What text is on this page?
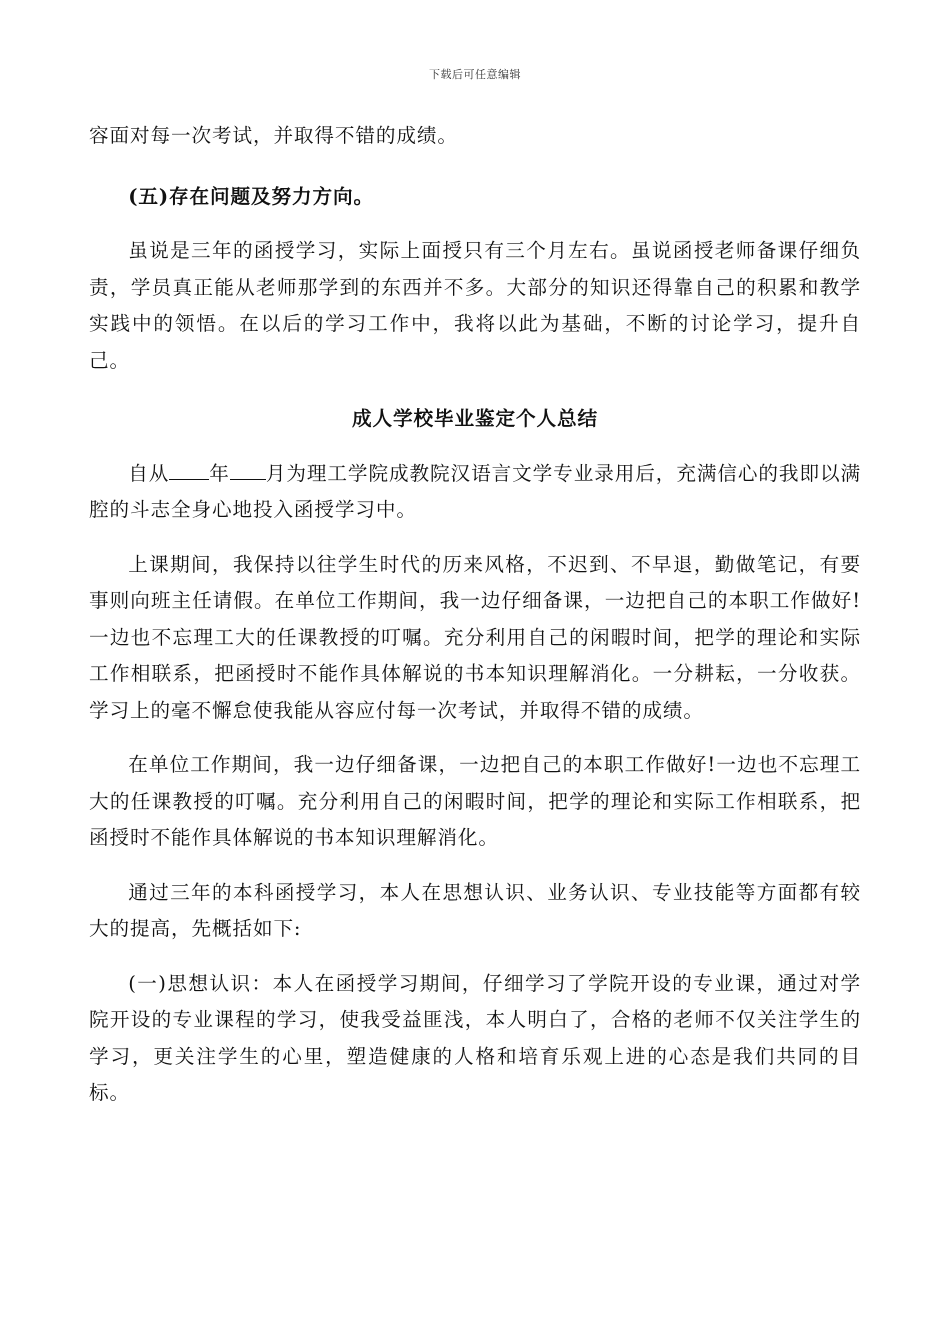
下载后可任意编辑

容面对每一次考试，并取得不错的成绩。

(五)存在问题及努力方向。

虽说是三年的函授学习，实际上面授只有三个月左右。虽说函授老师备课仔细负责，学员真正能从老师那学到的东西并不多。大部分的知识还得靠自己的积累和教学实践中的领悟。在以后的学习工作中，我将以此为基础，不断的讨论学习，提升自己。

成人学校毕业鉴定个人总结

自从 年 月为理工学院成教院汉语言文学专业录用后，充满信心的我即以满腔的斗志全身心地投入函授学习中。

上课期间，我保持以往学生时代的历来风格，不迟到、不早退，勤做笔记，有要事则向班主任请假。在单位工作期间，我一边仔细备课，一边把自己的本职工作做好!一边也不忘理工大的任课教授的叮嘱。充分利用自己的闲暇时间，把学的理论和实际工作相联系，把函授时不能作具体解说的书本知识理解消化。一分耕耘，一分收获。学习上的毫不懈怠使我能从容应付每一次考试，并取得不错的成绩。

在单位工作期间，我一边仔细备课，一边把自己的本职工作做好!一边也不忘理工大的任课教授的叮嘱。充分利用自己的闲暇时间，把学的理论和实际工作相联系，把函授时不能作具体解说的书本知识理解消化。

通过三年的本科函授学习，本人在思想认识、业务认识、专业技能等方面都有较大的提高，先概括如下:

(一)思想认识：本人在函授学习期间，仔细学习了学院开设的专业课，通过对学院开设的专业课程的学习，使我受益匪浅，本人明白了，合格的老师不仅关注学生的学习，更关注学生的心里，塑造健康的人格和培育乐观上进的心态是我们共同的目标。
